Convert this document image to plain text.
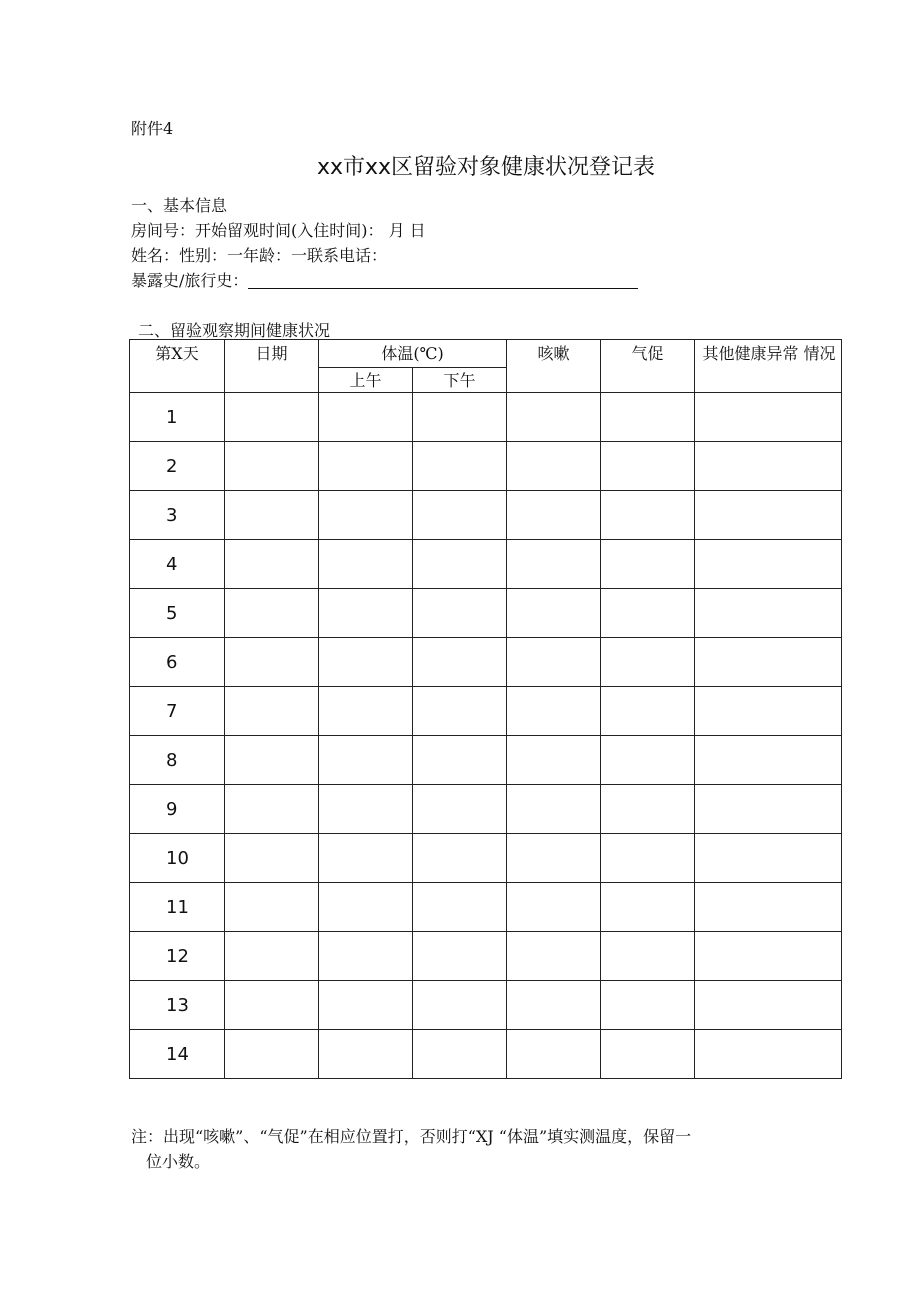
附件4
xx市xx区留验对象健康状况登记表
一、基本信息
房间号：开始留观时间(入住时间)： 月 日
姓名：性别：一年龄：一联系电话：
暴露史/旅行史：
二、留验观察期间健康状况
第X天	日期	体温(℃)		咳嗽	气促	其他健康异常 情况
		上午	下午			
1						
2						
3						
4						
5						
6						
7						
8						
9						
10						
11						
12						
13						
14						
注：出现“咳嗽”、“气促”在相应位置打，否则打“XJ “体温”填实测温度，保留一
位小数。
